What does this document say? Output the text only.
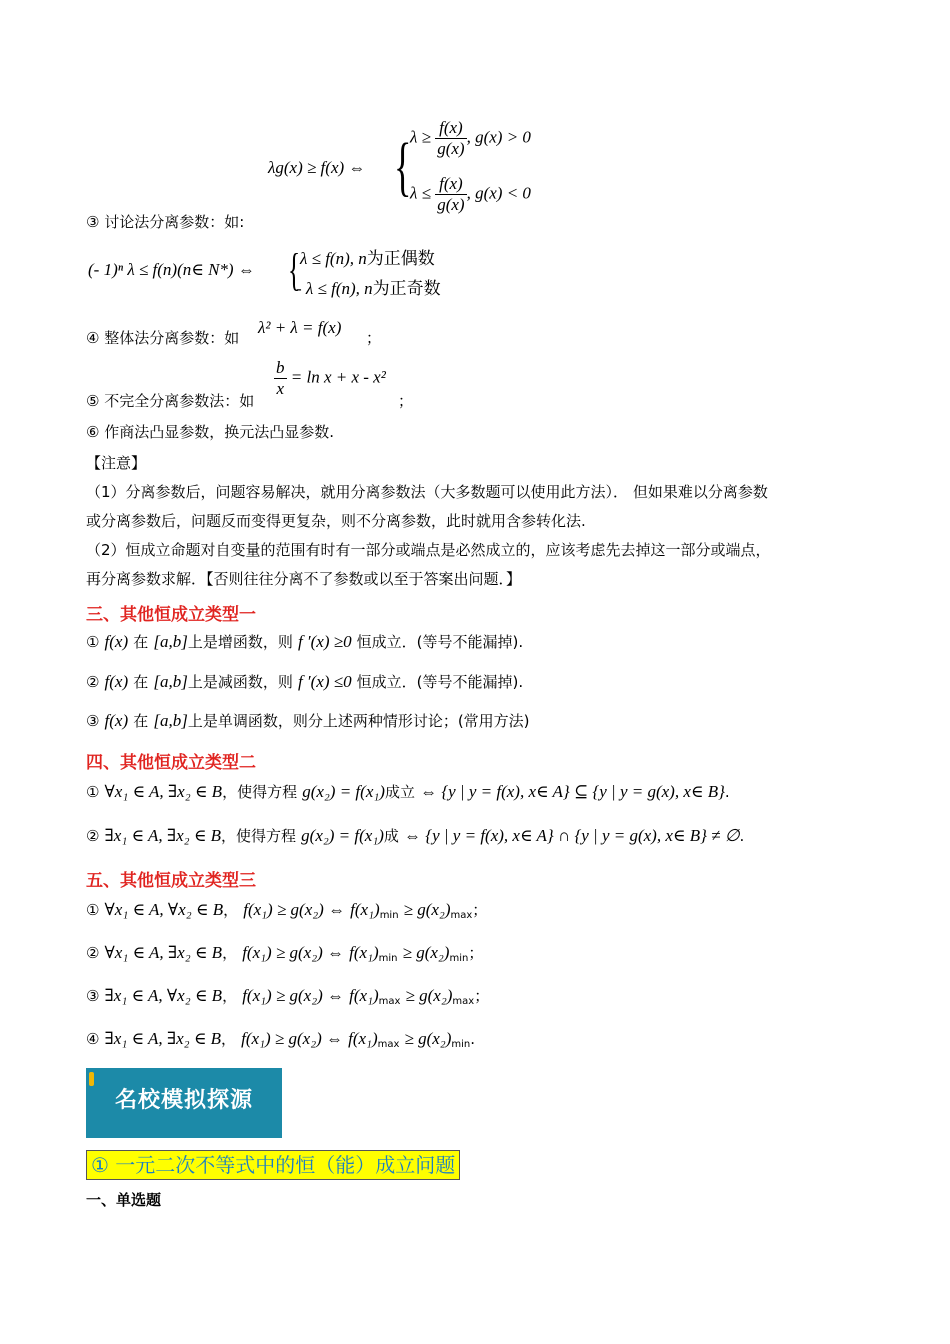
λg(x) ≥ f(x) ⇔ {
$\lambda \ge \frac{f(x)}{g(x)}$ , g(x) > 0
$\lambda \le \frac{f(x)}{g(x)}$ , g(x) < 0
③ 讨论法分离参数：如:
(- 1)ⁿ λ ≤ f(n)(n∈ N*) ⇔ { λ ≤ f(n), n为正偶数
- λ ≤ f(n), n为正奇数
④ 整体法分离参数：如
λ² + λ = f(x)
；
⑤ 不完全分离参数法：如
$\frac{b}{x} = \ln x + x - x^2$
；
⑥ 作商法凸显参数，换元法凸显参数.
【注意】
（1）分离参数后，问题容易解决，就用分离参数法（大多数题可以使用此方法）． 但如果难以分离参数
或分离参数后，问题反而变得更复杂，则不分离参数，此时就用含参转化法.
（2）恒成立命题对自变量的范围有时有一部分或端点是必然成立的，应该考虑先去掉这一部分或端点，
再分离参数求解．【否则往往分离不了参数或以至于答案出问题．】
三、其他恒成立类型一
① f(x) 在 [a,b]上是增函数，则 f ′(x) ≥0 恒成立．(等号不能漏掉).
② f(x) 在 [a,b]上是减函数，则 f ′(x) ≤0 恒成立．(等号不能漏掉).
③ f(x) 在 [a,b]上是单调函数，则分上述两种情形讨论；(常用方法)
四、其他恒成立类型二
① ∀x₁ ∈ A, ∃x₂ ∈ B，使得方程 g(x₂) = f(x₁)成立 ⇔ {y | y = f(x), x∈ A} ⊆ {y | y = g(x), x∈ B}.
② ∃x₁ ∈ A, ∃x₂ ∈ B，使得方程 g(x₂) = f(x₁)成 ⇔ {y | y = f(x), x∈ A} ∩ {y | y = g(x), x∈ B} ≠ ∅.
五、其他恒成立类型三
① ∀x₁ ∈ A, ∀x₂ ∈ B， f(x₁) ≥ g(x₂) ⇔ $f(x_1)_{min} \ge g(x_2)_{max}$；
② ∀x₁ ∈ A, ∃x₂ ∈ B， f(x₁) ≥ g(x₂) ⇔ $f(x_1)_{min} \ge g(x_2)_{min}$；
③ ∃x₁ ∈ A, ∀x₂ ∈ B， f(x₁) ≥ g(x₂) ⇔ $f(x_1)_{max} \ge g(x_2)_{max}$；
④ ∃x₁ ∈ A, ∃x₂ ∈ B， f(x₁) ≥ g(x₂) ⇔ $f(x_1)_{max} \ge g(x_2)_{min}$.
名校模拟探源
① 一元二次不等式中的恒（能）成立问题
一、单选题
